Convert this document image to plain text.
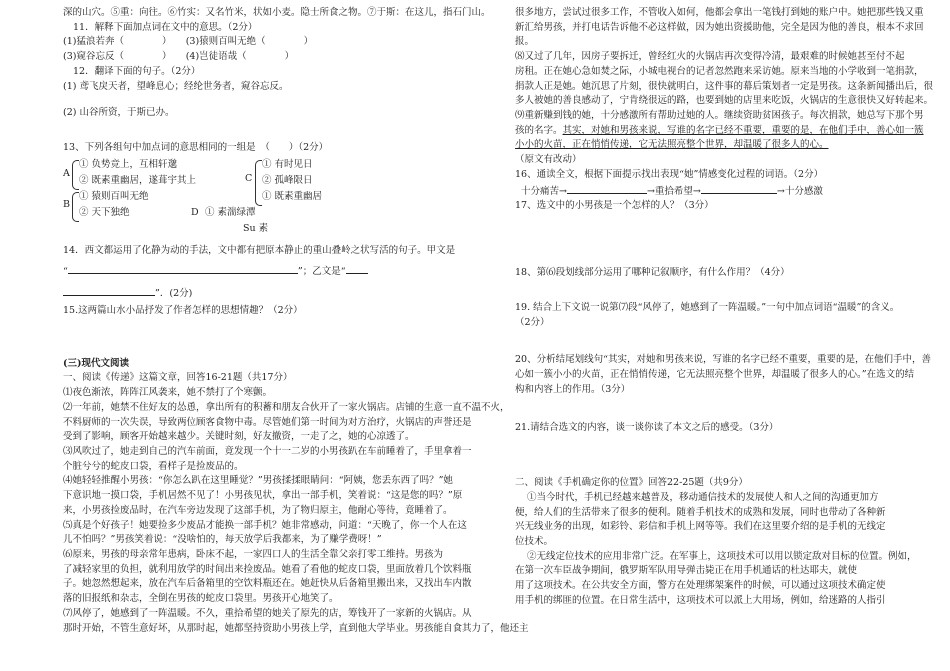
深的山穴。⑤重：向往。⑥竹实：又名竹米，状如小麦。隐士所食之物。⑦于斯：在这儿，指石门山。

11．解释下面加点词在文中的意思。（2分）

(1)猛浪若奔（　　　　）　　(3)猿则百叫无绝（　　　　）

(3)窥谷忘反（　　　　）　　(4)岂徒语哉（　　　　）

12．翻译下面的句子。（2分）

(1) 鸢飞戾天者，望峰息心；经纶世务者，窥谷忘反。

(2) 山谷所资，于斯已办。

13、下列各组句中加点词的意思相同的一组是　（　　）（2分）

A
① 负势竞上，互相轩邈
② 既素重幽居，遂葺宇其上
B
① 猿则百叫无绝
② 天下独绝
C
① 有时见日
② 孤峰限日
① 既素重幽居
D ① 素湍绿潭
Su 素

14．西文都运用了化静为动的手法，文中都有把原本静止的重山叠岭之状写活的句子。甲文是

“	”；乙文是“

”．(2分)

15.这两篇山水小品抒发了作者怎样的思想情趣？（2分）

(三)现代文阅读

一、阅读《传递》这篇文章，回答16-21题（共17分）

⑴夜色渐浓，阵阵江风袭来，她不禁打了个寒颤。

⑵一年前，她禁不住好友的怂恿，拿出所有的积蓄和朋友合伙开了一家火锅店。店铺的生意一直不温不火，

不料厨师的一次失误，导致两位顾客食物中毒。尽管她们第一时间为对方治疗，火锅店的声誉还是

受到了影响，顾客开始越来越少。关键时刻，好友撤资，一走了之，她的心凉透了。

⑶风吹过了，她走到自己的汽车前面，竟发现一个十一二岁的小男孩趴在车前睡着了，手里拿着一

个脏兮兮的蛇皮口袋，看样子是捡废品的。

⑷她轻轻推醒小男孩：“你怎么趴在这里睡觉？”男孩揉揉眼睛问：“阿姨，您丢东西了吗？”她

下意识地一摸口袋，手机居然不见了！小男孩见状，拿出一部手机，笑着说：“这是您的吗？”原

来，小男孩捡废品时，在汽车旁边发现了这部手机，为了物归原主，他耐心等待，竟睡着了。

⑸真是个好孩子！她要捡多少废品才能换一部手机？她非常感动，问道：“天晚了，你一个人在这

儿不怕吗？”男孩笑着说：“没啥怕的，每天放学后我都来，为了赚学费呀！”

⑹原来，男孩的母亲常年患病，卧床不起，一家四口人的生活全靠父亲打零工维持。男孩为

了减轻家里的负担，就利用放学的时间出来捡废品。她看了看他的蛇皮口袋，里面放着几个饮料瓶

子。她忽然想起来，放在汽车后备箱里的空饮料瓶还在。她赶快从后备箱里搬出来，又找出车内散

落的旧报纸和杂志，全倒在男孩的蛇皮口袋里。男孩开心地笑了。

⑺风停了，她感到了一阵温暖。不久，重拾希望的她关了原先的店，筹钱开了一家新的火锅店。从

那时开始，不管生意好坏，从那时起，她都坚持资助小男孩上学，直到他大学毕业。男孩能自食其力了，他还主

很多地方，尝试过很多工作，不管收入如何，他都会拿出一笔钱打到她的账户中。她把那些钱又重

新汇给男孩，并打电话告诉他不必这样做，因为她出资援助他，完全是因为他的善良，根本不求回

报。

⑻又过了几年，因房子要拆迁，曾经红火的火锅店再次变得冷清，最艰难的时候她甚至付不起

房租。正在她心急如焚之际，小城电视台的记者忽然跑来采访她。原来当地的小学收到一笔捐款，

捐款人正是她。她沉思了片刻，很快就明白，这件事的幕后策划者一定是男孩。这条新闻播出后，很

多人被她的善良感动了，宁肯绕很远的路，也要到她的店里来吃饭，火锅店的生意很快又好转起来。

⑼重新赚到钱的她，十分感激所有帮助过她的人。继续资助贫困孩子。每次捐款，她总写下那个男

孩的名字。其实，对她和男孩来说，写谁的名字已经不重要，重要的是，在他们手中，善心如一簇

小小的火苗，正在悄悄传递，它无法照亮整个世界，却温暖了很多人的心。

（原文有改动）

16、通读全文，根据下面提示找出表现“她”情感变化过程的词语。（2分）

十分痛苦→	→重拾希望→	→十分感激

17、选文中的小男孩是一个怎样的人？（3分）

18、第⑹段划线部分运用了哪种记叙顺序，有什么作用？（4分）

19. 结合上下文说一说第⑺段“风停了，她感到了一阵温暖。”一句中加点词语“温暖”的含义。

（2分）

20、分析结尾划线句“其实，对她和男孩来说，写谁的名字已经不重要，重要的是，在他们手中，善

心如一簇小小的火苗，正在悄悄传递，它无法照亮整个世界，却温暖了很多人的心。”在选文的结

构和内容上的作用。（3分）

21.请结合选文的内容，谈一谈你读了本文之后的感受。（3分）

二、阅读《手机确定你的位置》回答22-25题（共9分）

①当今时代，手机已经越来越普及，移动通信技术的发展使人和人之间的沟通更加方

便，给人们的生活带来了很多的便利。随着手机技术的成熟和发展，同时也带动了各种新

兴无线业务的出现，如彩铃、彩信和手机上网等等。我们在这里要介绍的是手机的无线定

位技术。

②无线定位技术的应用非常广泛。在军事上，这项技术可以用以锁定敌对目标的位置。例如，

在第一次车臣战争期间，俄罗斯军队用导弹击毙正在用手机通话的杜达耶夫，就使

用了这项技术。在公共安全方面，警方在处理绑架案件的时候，可以通过这项技术确定使

用手机的绑匪的位置。在日常生活中，这项技术可以派上大用场，例如，给迷路的人指引
